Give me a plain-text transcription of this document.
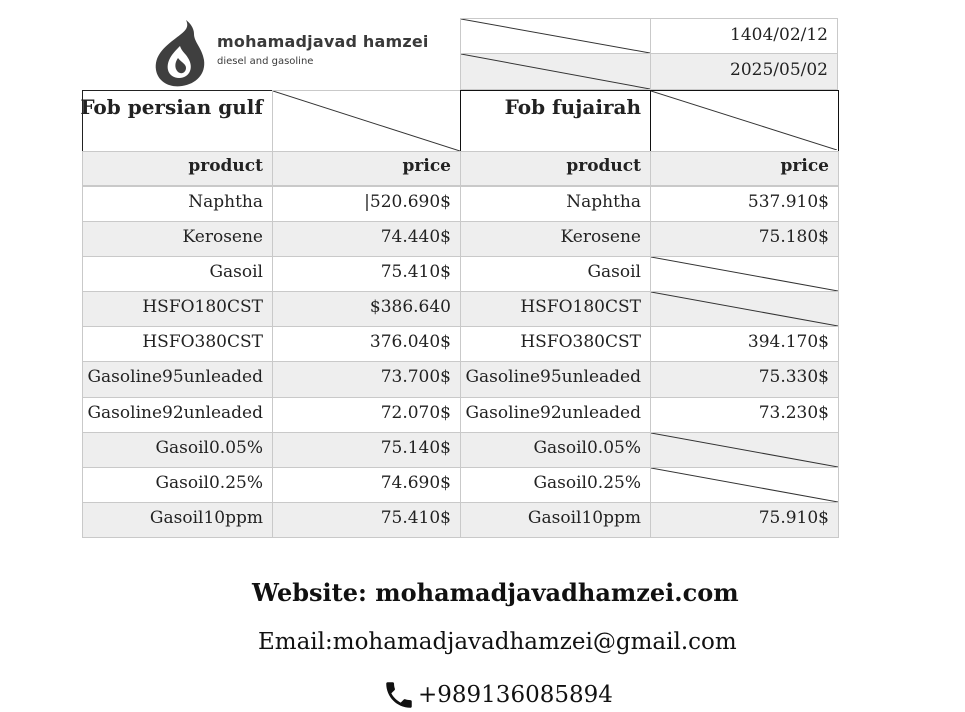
mohamadjavad hamzei
diesel and gasoline
1404/02/12
2025/05/02
Fob persian gulf	Fob fujairah
product	price	product	price
Naphtha	|520.690$	Naphtha	537.910$
Kerosene	74.440$	Kerosene	75.180$
Gasoil	75.410$	Gasoil
HSFO180CST	$386.640	HSFO180CST
HSFO380CST	376.040$	HSFO380CST	394.170$
Gasoline95unleaded	73.700$ Gasoline95unleaded	75.330$
Gasoline92unleaded	72.070$ Gasoline92unleaded	73.230$
Gasoil0.05%	75.140$	Gasoil0.05%
Gasoil0.25%	74.690$	Gasoil0.25%
Gasoil10ppm	75.410$	Gasoil10ppm	75.910$
Website: mohamadjavadhamzei.com
Email:mohamadjavadhamzei@gmail.com
+989136085894
